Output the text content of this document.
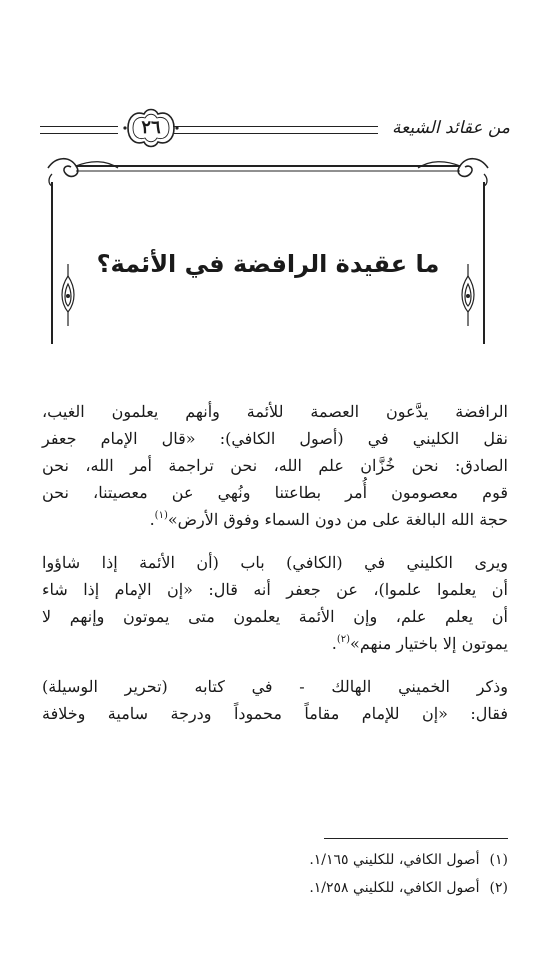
من عقائد الشيعة
٢٦
ما عقيدة الرافضة في الأئمة؟
الرافضة يدَّعون العصمة للأئمة وأنهم يعلمون الغيب،
نقل الكليني في (أصول الكافي): «قال الإمام جعفر
الصادق: نحن خُزَّان علم الله، نحن تراجمة أمر الله، نحن
قوم معصومون أُمر بطاعتنا ونُهي عن معصيتنا، نحن
حجة الله البالغة على من دون السماء وفوق الأرض»$^{(١)}$.
ويرى الكليني في (الكافي) باب (أن الأئمة إذا شاؤوا
أن يعلموا علموا)، عن جعفر أنه قال: «إن الإمام إذا شاء
أن يعلم علم، وإن الأئمة يعلمون متى يموتون وإنهم لا
يموتون إلا باختيار منهم»$^{(٢)}$.
وذكر الخميني الهالك - في كتابه (تحرير الوسيلة)
فقال: «إن للإمام مقاماً محموداً ودرجة سامية وخلافة
(١)أصول الكافي، للكليني ١/١٦٥.
(٢)أصول الكافي، للكليني ١/٢٥٨.
